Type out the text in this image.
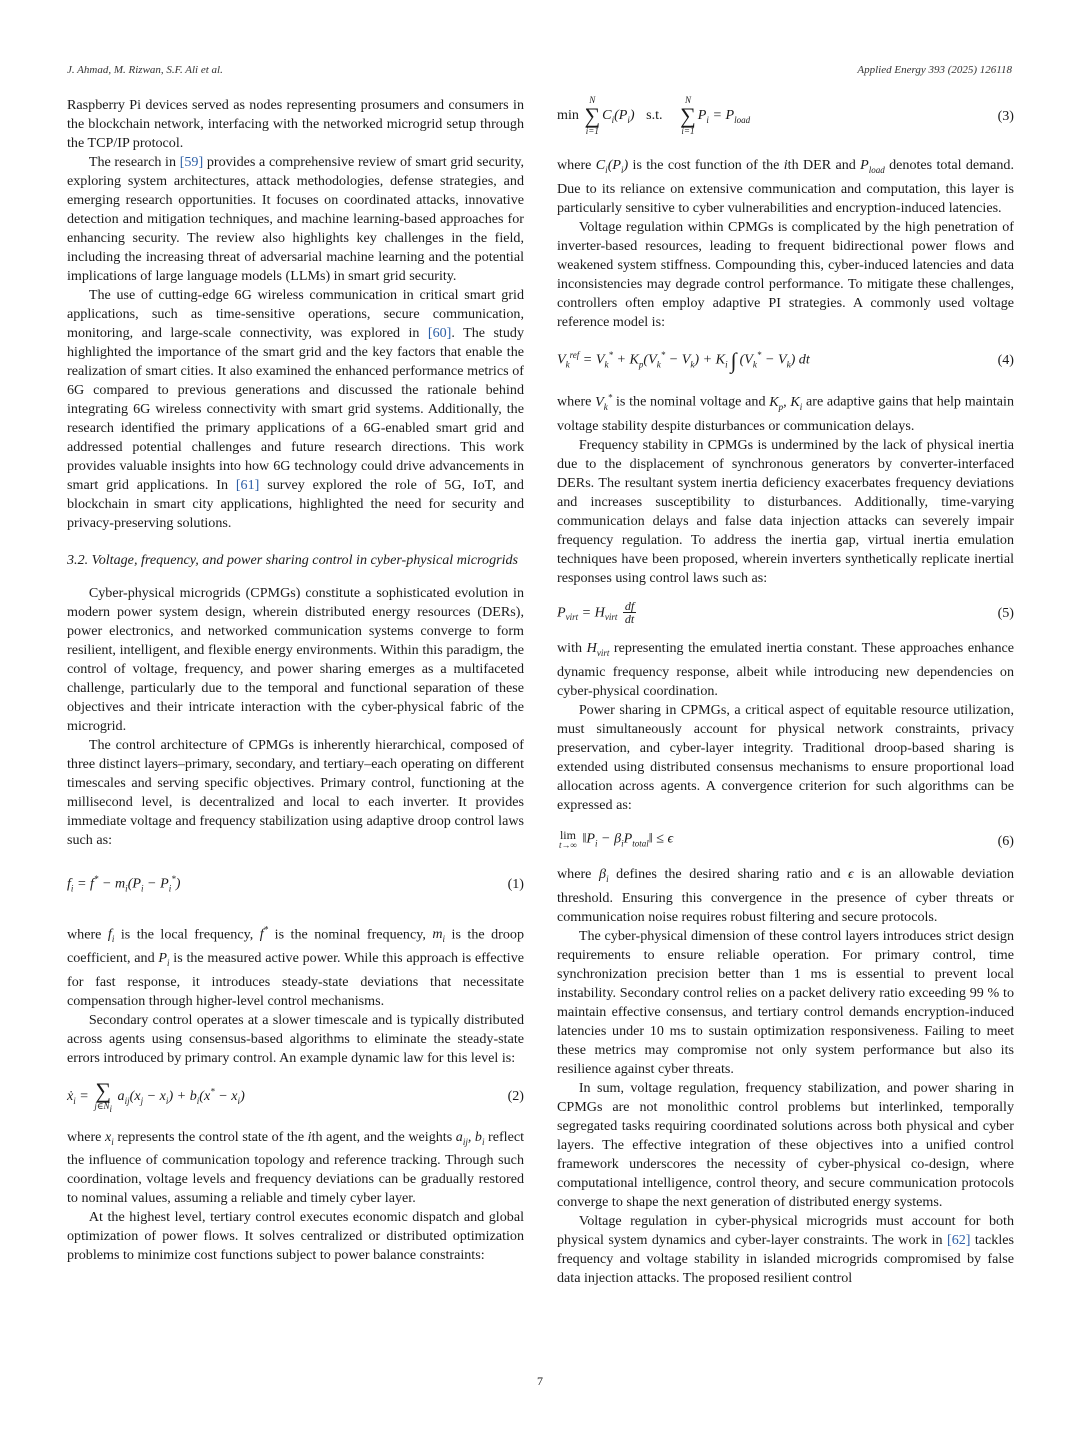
J. Ahmad, M. Rizwan, S.F. Ali et al.	Applied Energy 393 (2025) 126118

Raspberry Pi devices served as nodes representing prosumers and consumers in the blockchain network, interfacing with the networked microgrid setup through the TCP/IP protocol.

The research in [59] provides a comprehensive review of smart grid security, exploring system architectures, attack methodologies, defense strategies, and emerging research opportunities. It focuses on coordinated attacks, innovative detection and mitigation techniques, and machine learning-based approaches for enhancing security. The review also highlights key challenges in the field, including the increasing threat of adversarial machine learning and the potential implications of large language models (LLMs) in smart grid security.

The use of cutting-edge 6G wireless communication in critical smart grid applications, such as time-sensitive operations, secure communication, monitoring, and large-scale connectivity, was explored in [60]. The study highlighted the importance of the smart grid and the key factors that enable the realization of smart cities. It also examined the enhanced performance metrics of 6G compared to previous generations and discussed the rationale behind integrating 6G wireless connectivity with smart grid systems. Additionally, the research identified the primary applications of a 6G-enabled smart grid and addressed potential challenges and future research directions. This work provides valuable insights into how 6G technology could drive advancements in smart grid applications. In [61] survey explored the role of 5G, IoT, and blockchain in smart city applications, highlighted the need for security and privacy-preserving solutions.

3.2. Voltage, frequency, and power sharing control in cyber-physical microgrids

Cyber-physical microgrids (CPMGs) constitute a sophisticated evolution in modern power system design, wherein distributed energy resources (DERs), power electronics, and networked communication systems converge to form resilient, intelligent, and flexible energy environments. Within this paradigm, the control of voltage, frequency, and power sharing emerges as a multifaceted challenge, particularly due to the temporal and functional separation of these objectives and their intricate interaction with the cyber-physical fabric of the microgrid.

The control architecture of CPMGs is inherently hierarchical, composed of three distinct layers–primary, secondary, and tertiary–each operating on different timescales and serving specific objectives. Primary control, functioning at the millisecond level, is decentralized and local to each inverter. It provides immediate voltage and frequency stabilization using adaptive droop control laws such as:

$f_i = f^* - m_i(P_i - P_i^*)$	(1)

where $f_i$ is the local frequency, f* is the nominal frequency, $m_i$ is the droop coefficient, and $P_i$ is the measured active power. While this approach is effective for fast response, it introduces steady-state deviations that necessitate compensation through higher-level control mechanisms.

Secondary control operates at a slower timescale and is typically distributed across agents using consensus-based algorithms to eliminate the steady-state errors introduced by primary control. An example dynamic law for this level is:

ẋ$_i$ = ∑
$j\in N_i$
$a_{ij}(x_j - x_i) + b_i(x^* - x_i)$	(2)

where $x_i$ represents the control state of the ith agent, and the weights $a_{ij}$, $b_i$ reflect the influence of communication topology and reference tracking. Through such coordination, voltage levels and frequency deviations can be gradually restored to nominal values, assuming a reliable and timely cyber layer.

At the highest level, tertiary control executes economic dispatch and global optimization of power flows. It solves centralized or distributed optimization problems to minimize cost functions subject to power balance constraints:

min
N
∑
i=1
$C_i(P_i)$ s.t.
N
∑
i=1
$P_i = P_{load}$	(3)

where $C_i(P_i)$ is the cost function of the ith DER and $P_{load}$ denotes total demand. Due to its reliance on extensive communication and computation, this layer is particularly sensitive to cyber vulnerabilities and encryption-induced latencies.

Voltage regulation within CPMGs is complicated by the high penetration of inverter-based resources, leading to frequent bidirectional power flows and weakened system stiffness. Compounding this, cyber-induced latencies and data inconsistencies may degrade control performance. To mitigate these challenges, controllers often employ adaptive PI strategies. A commonly used voltage reference model is:

$V_k^{ref} = V_k^* + K_p(V_k^* - V_k) + K_i$ ∫ $(V_k^* - V_k)$ dt	(4)

where $V_k^*$ is the nominal voltage and $K_p$, $K_i$ are adaptive gains that help maintain voltage stability despite disturbances or communication delays.

Frequency stability in CPMGs is undermined by the lack of physical inertia due to the displacement of synchronous generators by converter-interfaced DERs. The resultant system inertia deficiency exacerbates frequency deviations and increases susceptibility to disturbances. Additionally, time-varying communication delays and false data injection attacks can severely impair frequency regulation. To address the inertia gap, virtual inertia emulation techniques have been proposed, wherein inverters synthetically replicate inertial responses using control laws such as:

$P_{virt} = H_{virt} \frac{df}{dt}$	(5)

with $H_{virt}$ representing the emulated inertia constant. These approaches enhance dynamic frequency response, albeit while introducing new dependencies on cyber-physical coordination.

Power sharing in CPMGs, a critical aspect of equitable resource utilization, must simultaneously account for physical network constraints, privacy preservation, and cyber-layer integrity. Traditional droop-based sharing is extended using distributed consensus mechanisms to ensure proportional load allocation across agents. A convergence criterion for such algorithms can be expressed as:

lim
t→∞ $‖P_i$ − $\beta_iP_{total}‖ \le \epsilon$	(6)

where $\beta_i$ defines the desired sharing ratio and ϵ is an allowable deviation threshold. Ensuring this convergence in the presence of cyber threats or communication noise requires robust filtering and secure protocols.

The cyber-physical dimension of these control layers introduces strict design requirements to ensure reliable operation. For primary control, time synchronization precision better than 1 ms is essential to prevent local instability. Secondary control relies on a packet delivery ratio exceeding 99 % to maintain effective consensus, and tertiary control demands encryption-induced latencies under 10 ms to sustain optimization responsiveness. Failing to meet these metrics may compromise not only system performance but also its resilience against cyber threats.

In sum, voltage regulation, frequency stabilization, and power sharing in CPMGs are not monolithic control problems but interlinked, temporally segregated tasks requiring coordinated solutions across both physical and cyber layers. The effective integration of these objectives into a unified control framework underscores the necessity of cyber-physical co-design, where computational intelligence, control theory, and secure communication protocols converge to shape the next generation of distributed energy systems.

Voltage regulation in cyber-physical microgrids must account for both physical system dynamics and cyber-layer constraints. The work in [62] tackles frequency and voltage stability in islanded microgrids compromised by false data injection attacks. The proposed resilient control

7
